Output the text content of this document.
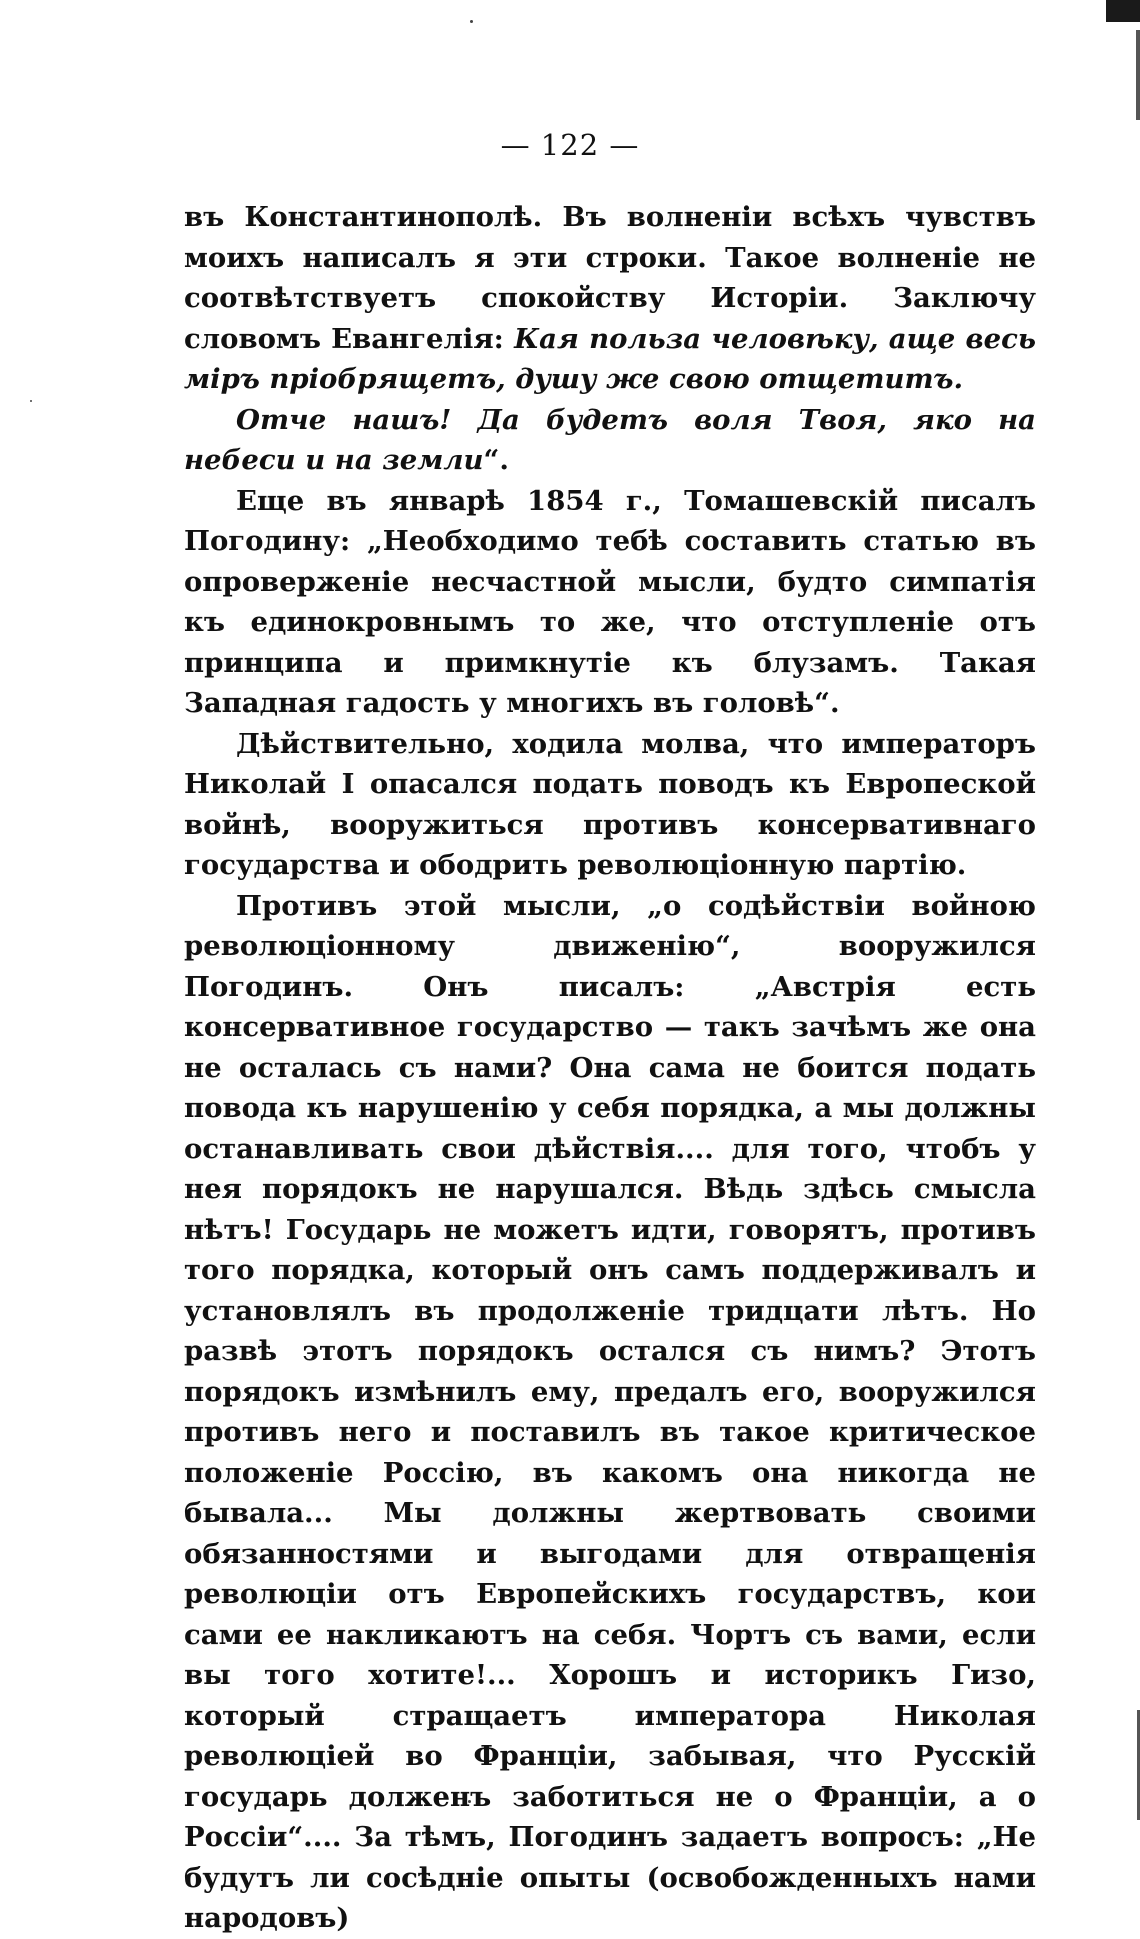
— 122 —

въ Константинополѣ. Въ волненіи всѣхъ чувствъ моихъ написалъ я эти строки. Такое волненіе не соотвѣтствуетъ спокойству Исторіи. Заключу словомъ Евангелія: Кая польза человѣку, аще весь міръ пріобрящетъ, душу же свою отщетитъ.

Отче нашъ! Да будетъ воля Твоя, яко на небеси и на земли“.

Еще въ январѣ 1854 г., Томашевскій писалъ Погодину: „Необходимо тебѣ составить статью въ опроверженіе несчастной мысли, будто симпатія къ единокровнымъ то же, что отступленіе отъ принципа и примкнутіе къ блузамъ. Такая Западная гадость у многихъ въ головѣ“.

Дѣйствительно, ходила молва, что императоръ Николай I опасался подать поводъ къ Европеской войнѣ, вооружиться противъ консервативнаго государства и ободрить революціонную партію.

Противъ этой мысли, „о содѣйствіи войною революціонному движенію“, вооружился Погодинъ. Онъ писалъ: „Австрія есть консервативное государство — такъ зачѣмъ же она не осталась съ нами? Она сама не боится подать повода къ нарушенію у себя порядка, а мы должны останавливать свои дѣйствія.... для того, чтобъ у нея порядокъ не нарушался. Вѣдь здѣсь смысла нѣтъ! Государь не можетъ идти, говорятъ, противъ того порядка, который онъ самъ поддерживалъ и установлялъ въ продолженіе тридцати лѣтъ. Но развѣ этотъ порядокъ остался съ нимъ? Этотъ порядокъ измѣнилъ ему, предалъ его, вооружился противъ него и поставилъ въ такое критическое положеніе Россію, въ какомъ она никогда не бывала... Мы должны жертвовать своими обязанностями и выгодами для отвращенія революціи отъ Европейскихъ государствъ, кои сами ее накликаютъ на себя. Чортъ съ вами, если вы того хотите!... Хорошъ и историкъ Гизо, который стращаетъ императора Николая революціей во Франціи, забывая, что Русскій государь долженъ заботиться не о Франціи, а о Россіи“.... За тѣмъ, Погодинъ задаетъ вопросъ: „Не будутъ ли сосѣдніе опыты (освобожденныхъ нами народовъ)
